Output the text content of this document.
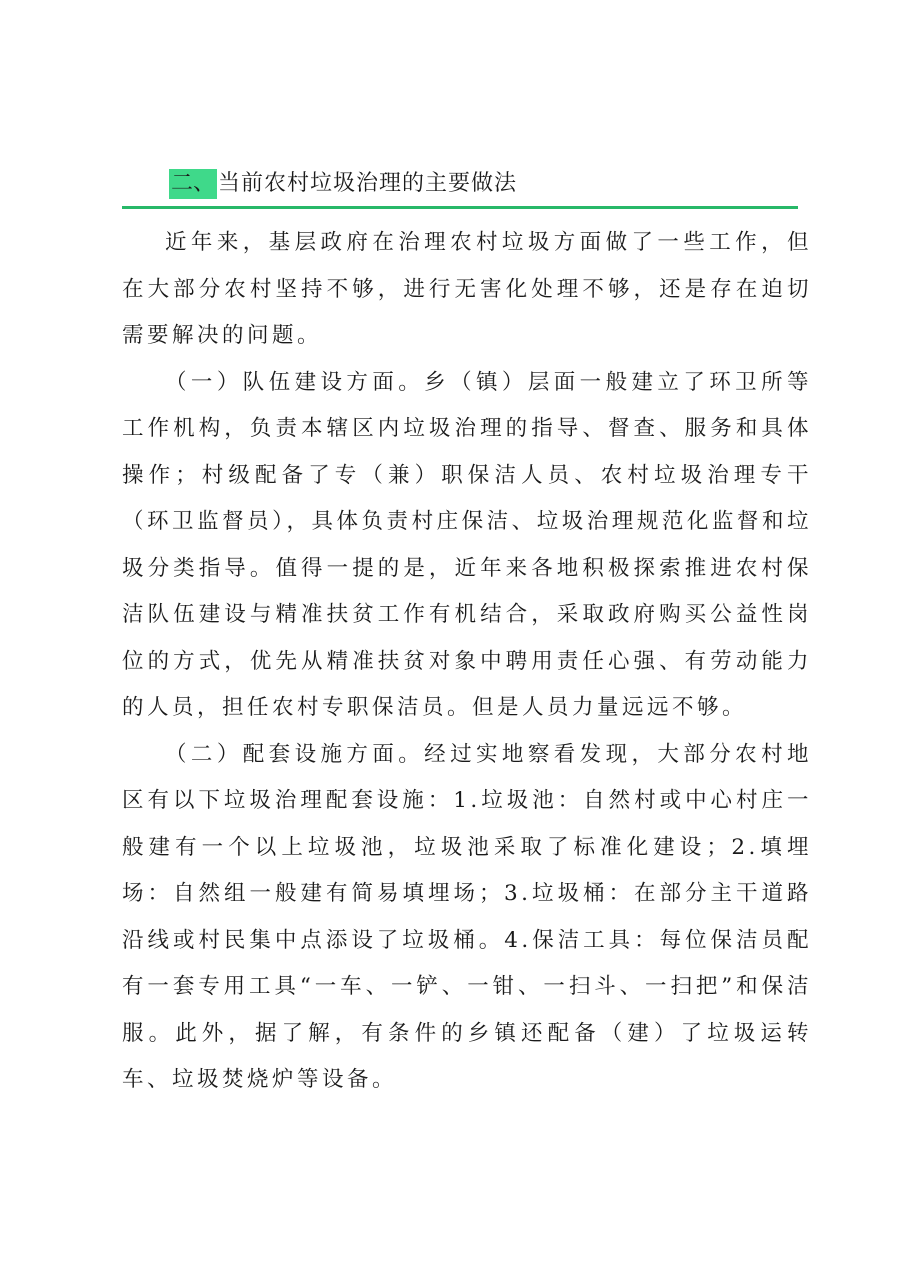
二、 当前农村垃圾治理的主要做法

近年来，基层政府在治理农村垃圾方面做了一些工作，但在大部分农村坚持不够，进行无害化处理不够，还是存在迫切需要解决的问题。

（一）队伍建设方面。乡（镇）层面一般建立了环卫所等工作机构，负责本辖区内垃圾治理的指导、督查、服务和具体操作；村级配备了专（兼）职保洁人员、农村垃圾治理专干（环卫监督员），具体负责村庄保洁、垃圾治理规范化监督和垃圾分类指导。值得一提的是，近年来各地积极探索推进农村保洁队伍建设与精准扶贫工作有机结合，采取政府购买公益性岗位的方式，优先从精准扶贫对象中聘用责任心强、有劳动能力的人员，担任农村专职保洁员。但是人员力量远远不够。

（二）配套设施方面。经过实地察看发现，大部分农村地区有以下垃圾治理配套设施：1.垃圾池：自然村或中心村庄一般建有一个以上垃圾池，垃圾池采取了标准化建设；2.填埋场：自然组一般建有简易填埋场；3.垃圾桶：在部分主干道路沿线或村民集中点添设了垃圾桶。4.保洁工具：每位保洁员配有一套专用工具“一车、一铲、一钳、一扫斗、一扫把”和保洁服。此外，据了解，有条件的乡镇还配备（建）了垃圾运转车、垃圾焚烧炉等设备。
